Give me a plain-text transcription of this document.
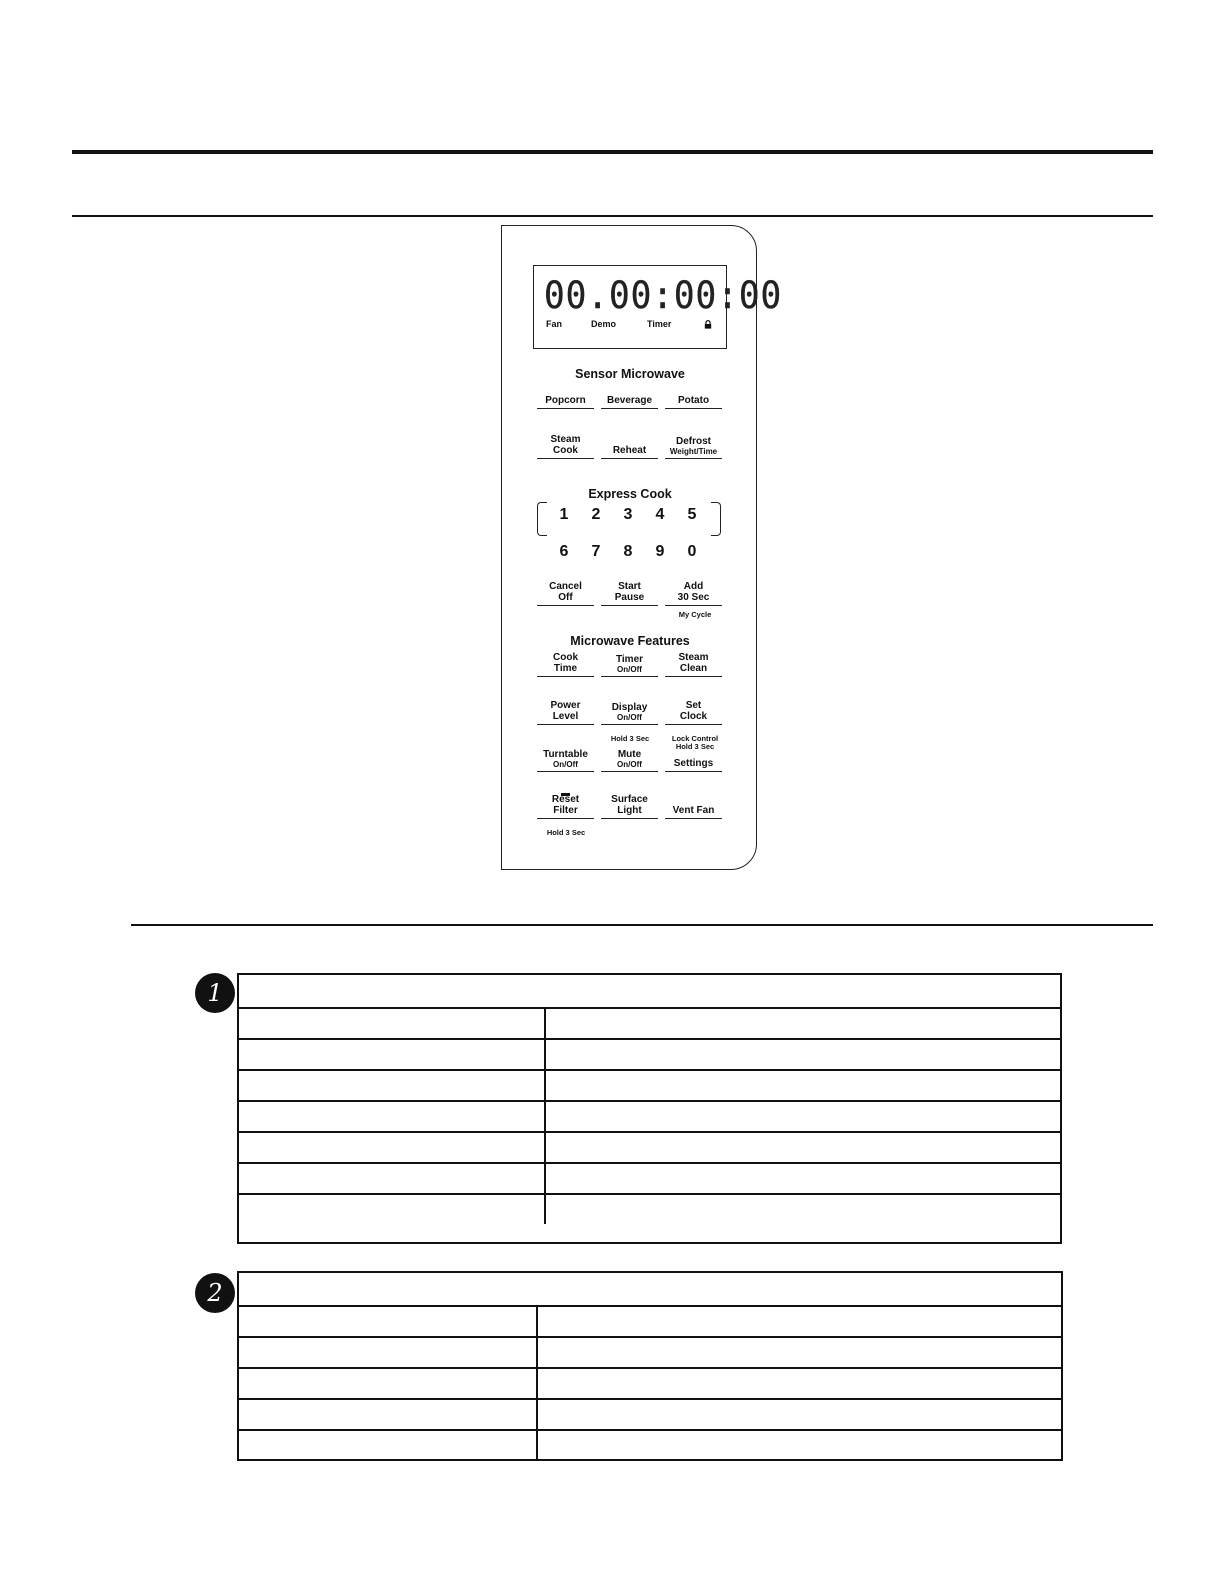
00.00:00:00
Fan	Demo	Timer
Sensor Microwave
Express Cook
My Cycle
Microwave Features
Hold 3 Sec	Lock Control
Hold 3 Sec
Hold 3 Sec
Popcorn Beverage	Potato
Steam
Cook	Reheat
Defrost
Weight/Time
1	2	3	4	5
6	7	8	9	0
Cancel
Off
Start
Pause
Add
30 Sec
Cook
Time
Timer
On/Off
Steam
Clean
Power
Level
Display
On/Off
Set
Clock
Turntable
On/Off
Mute
On/Off	Settings
Reset
Filter
Surface
Light	Vent Fan
1
2
